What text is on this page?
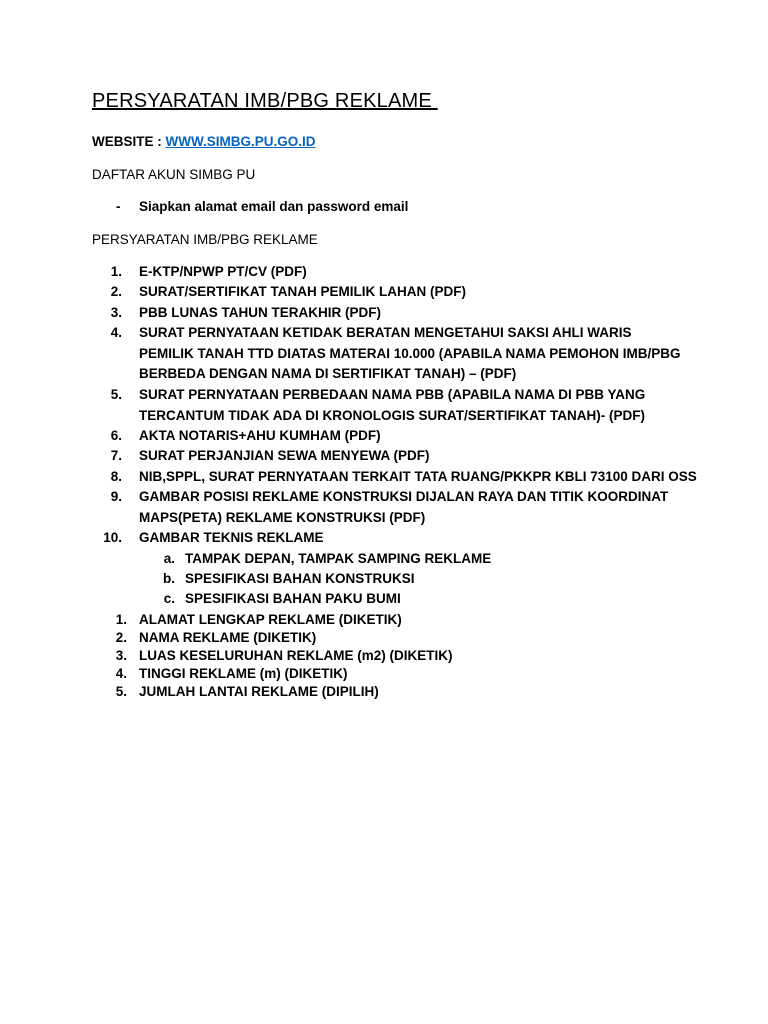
PERSYARATAN IMB/PBG REKLAME
WEBSITE : WWW.SIMBG.PU.GO.ID
DAFTAR AKUN SIMBG PU
- Siapkan alamat email dan password email
PERSYARATAN IMB/PBG REKLAME
1. E-KTP/NPWP PT/CV (PDF)
2. SURAT/SERTIFIKAT TANAH PEMILIK LAHAN (PDF)
3. PBB LUNAS TAHUN TERAKHIR (PDF)
4. SURAT PERNYATAAN KETIDAK BERATAN MENGETAHUI SAKSI AHLI WARIS PEMILIK TANAH TTD DIATAS MATERAI 10.000 (APABILA NAMA PEMOHON IMB/PBG BERBEDA DENGAN NAMA DI SERTIFIKAT TANAH) – (PDF)
5. SURAT PERNYATAAN PERBEDAAN NAMA PBB (APABILA NAMA DI PBB YANG TERCANTUM TIDAK ADA DI KRONOLOGIS SURAT/SERTIFIKAT TANAH)- (PDF)
6. AKTA NOTARIS+AHU KUMHAM (PDF)
7. SURAT PERJANJIAN SEWA MENYEWA (PDF)
8. NIB,SPPL, SURAT PERNYATAAN TERKAIT TATA RUANG/PKKPR KBLI 73100 DARI OSS
9. GAMBAR POSISI REKLAME KONSTRUKSI DIJALAN RAYA DAN TITIK KOORDINAT MAPS(PETA) REKLAME KONSTRUKSI (PDF)
10. GAMBAR TEKNIS REKLAME
a. TAMPAK DEPAN, TAMPAK SAMPING REKLAME
b. SPESIFIKASI BAHAN KONSTRUKSI
c. SPESIFIKASI BAHAN PAKU BUMI
1. ALAMAT LENGKAP REKLAME (DIKETIK)
2. NAMA REKLAME (DIKETIK)
3. LUAS KESELURUHAN REKLAME (m2) (DIKETIK)
4. TINGGI REKLAME (m) (DIKETIK)
5. JUMLAH LANTAI REKLAME (DIPILIH)
